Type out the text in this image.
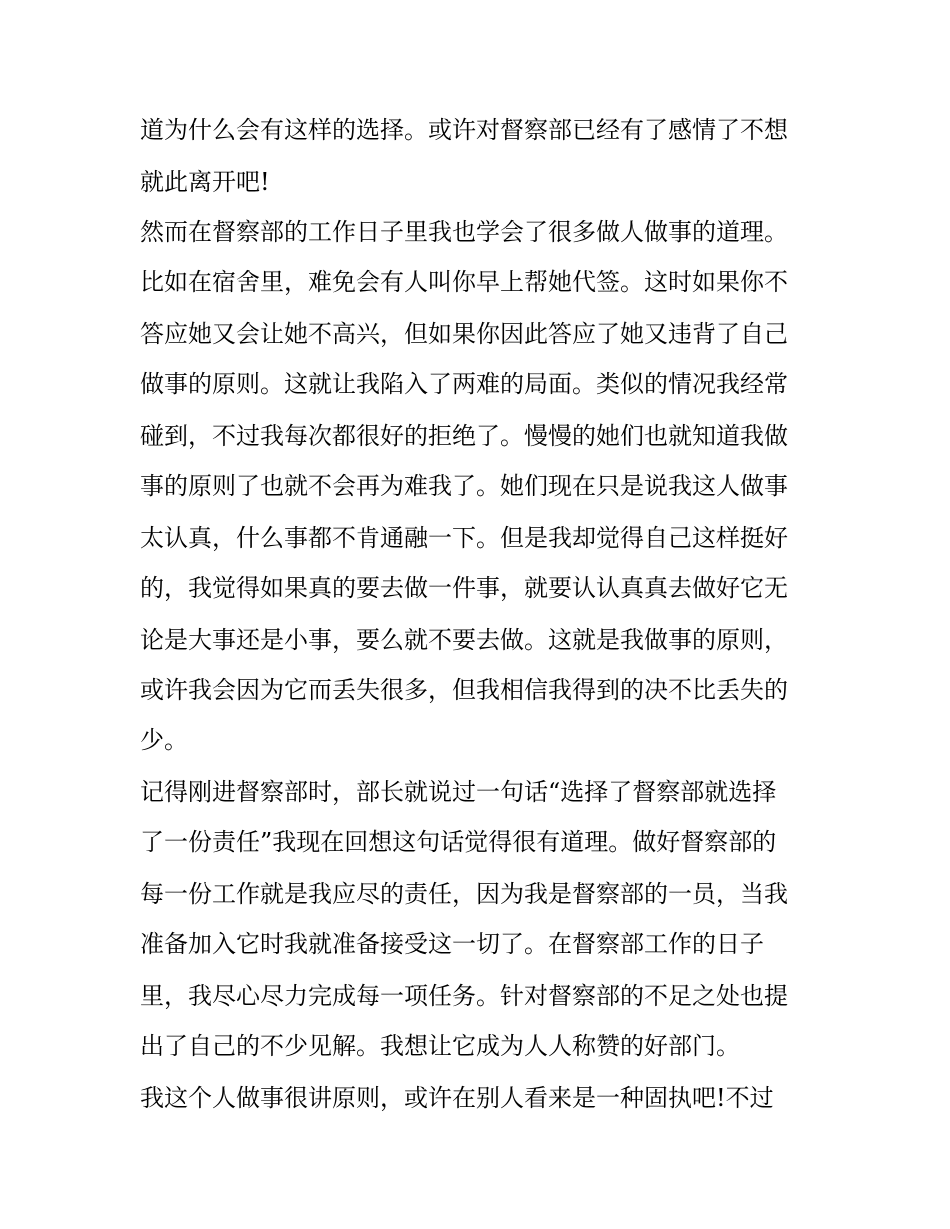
道为什么会有这样的选择。或许对督察部已经有了感情了不想
就此离开吧!
然而在督察部的工作日子里我也学会了很多做人做事的道理。
比如在宿舍里，难免会有人叫你早上帮她代签。这时如果你不
答应她又会让她不高兴，但如果你因此答应了她又违背了自己
做事的原则。这就让我陷入了两难的局面。类似的情况我经常
碰到，不过我每次都很好的拒绝了。慢慢的她们也就知道我做
事的原则了也就不会再为难我了。她们现在只是说我这人做事
太认真，什么事都不肯通融一下。但是我却觉得自己这样挺好
的，我觉得如果真的要去做一件事，就要认认真真去做好它无
论是大事还是小事，要么就不要去做。这就是我做事的原则，
或许我会因为它而丢失很多，但我相信我得到的决不比丢失的
少。
记得刚进督察部时，部长就说过一句话“选择了督察部就选择
了一份责任”我现在回想这句话觉得很有道理。做好督察部的
每一份工作就是我应尽的责任，因为我是督察部的一员，当我
准备加入它时我就准备接受这一切了。在督察部工作的日子
里，我尽心尽力完成每一项任务。针对督察部的不足之处也提
出了自己的不少见解。我想让它成为人人称赞的好部门。
我这个人做事很讲原则，或许在别人看来是一种固执吧!不过
